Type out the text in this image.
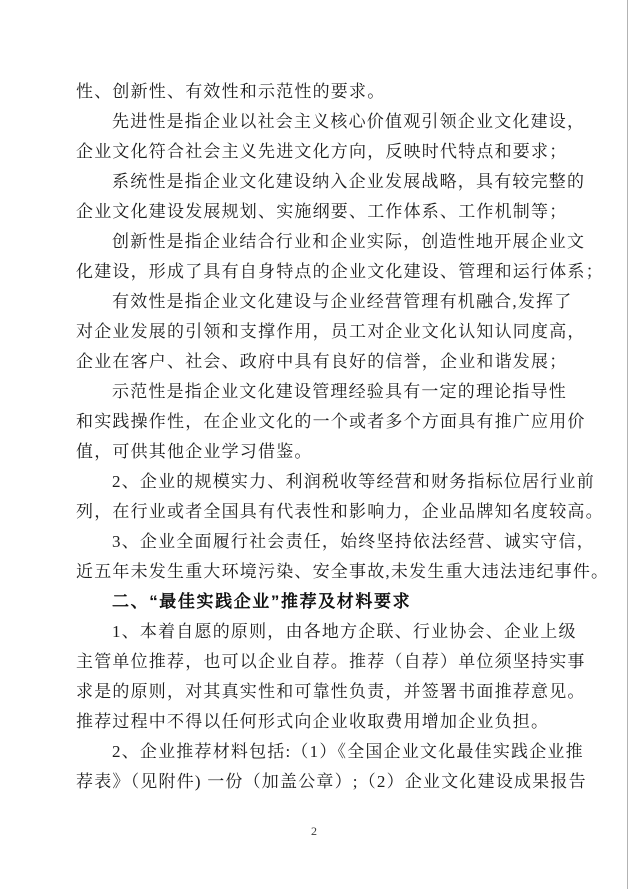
性、创新性、有效性和示范性的要求。
先进性是指企业以社会主义核心价值观引领企业文化建设，
企业文化符合社会主义先进文化方向，反映时代特点和要求；
系统性是指企业文化建设纳入企业发展战略，具有较完整的
企业文化建设发展规划、实施纲要、工作体系、工作机制等；
创新性是指企业结合行业和企业实际，创造性地开展企业文
化建设，形成了具有自身特点的企业文化建设、管理和运行体系；
有效性是指企业文化建设与企业经营管理有机融合,发挥了
对企业发展的引领和支撑作用，员工对企业文化认知认同度高，
企业在客户、社会、政府中具有良好的信誉，企业和谐发展；
示范性是指企业文化建设管理经验具有一定的理论指导性
和实践操作性，在企业文化的一个或者多个方面具有推广应用价
值，可供其他企业学习借鉴。
2、企业的规模实力、利润税收等经营和财务指标位居行业前
列，在行业或者全国具有代表性和影响力，企业品牌知名度较高。
3、企业全面履行社会责任，始终坚持依法经营、诚实守信，
近五年未发生重大环境污染、安全事故,未发生重大违法违纪事件。
二、“最佳实践企业”推荐及材料要求
1、本着自愿的原则，由各地方企联、行业协会、企业上级
主管单位推荐，也可以企业自荐。推荐（自荐）单位须坚持实事
求是的原则，对其真实性和可靠性负责，并签署书面推荐意见。
推荐过程中不得以任何形式向企业收取费用增加企业负担。
2、企业推荐材料包括:（1）《全国企业文化最佳实践企业推
荐表》（见附件) 一份（加盖公章）;（2）企业文化建设成果报告
2
